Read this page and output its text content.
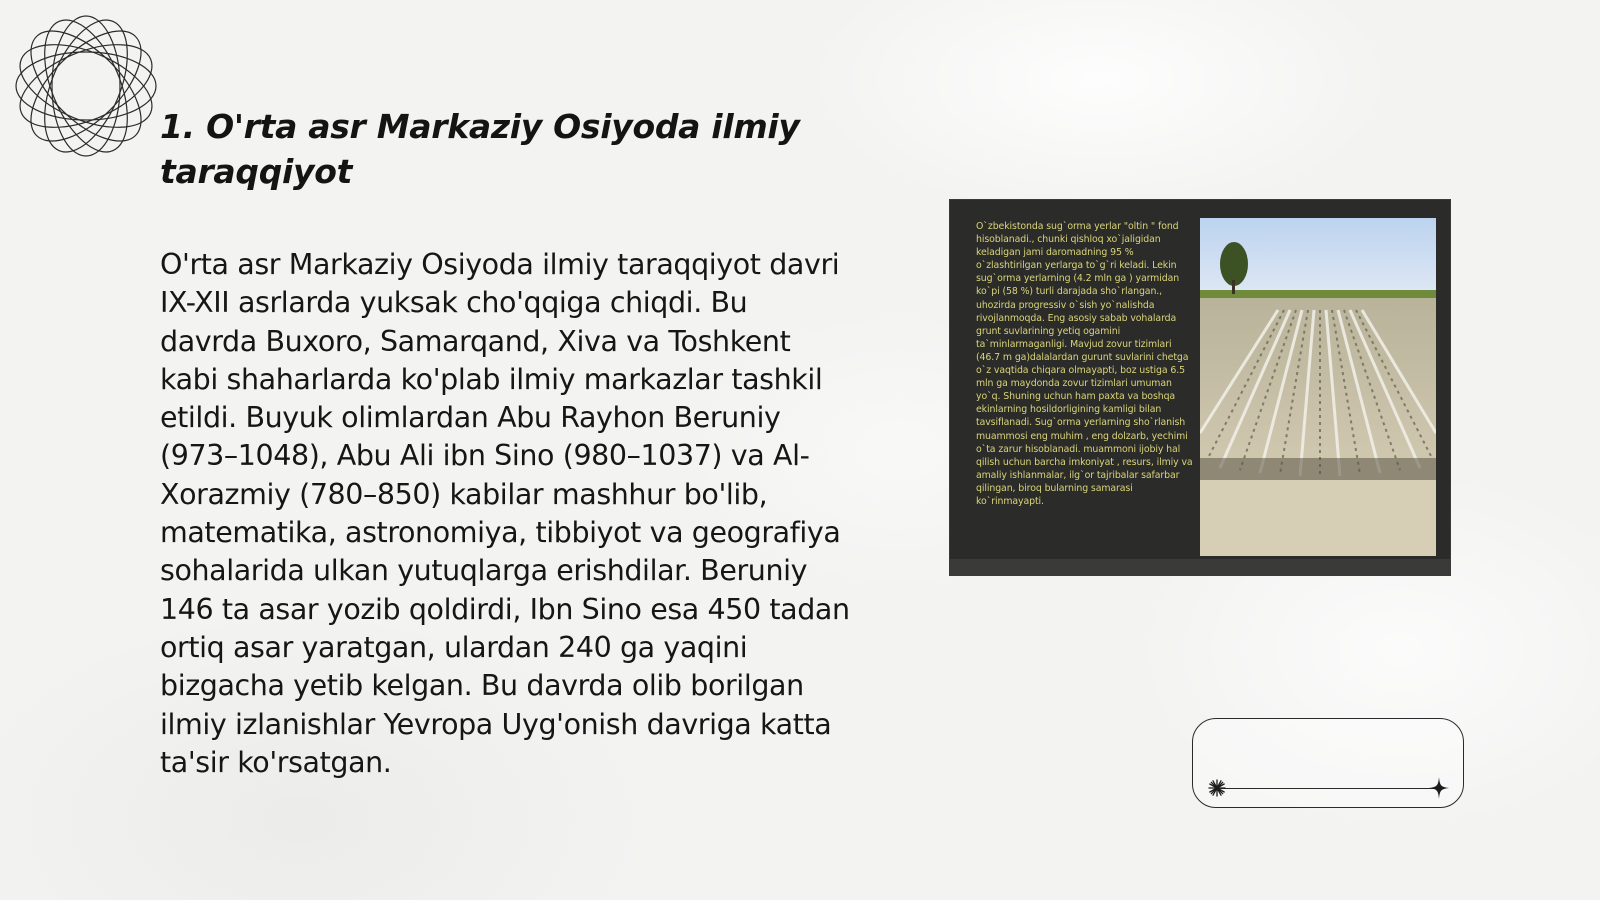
1. O'rta asr Markaziy Osiyoda ilmiy taraqqiyot

O'rta asr Markaziy Osiyoda ilmiy taraqqiyot davri IX-XII asrlarda yuksak cho'qqiga chiqdi. Bu davrda Buxoro, Samarqand, Xiva va Toshkent kabi shaharlarda ko'plab ilmiy markazlar tashkil etildi. Buyuk olimlardan Abu Rayhon Beruniy (973–1048), Abu Ali ibn Sino (980–1037) va Al-Xorazmiy (780–850) kabilar mashhur bo'lib, matematika, astronomiya, tibbiyot va geografiya sohalarida ulkan yutuqlarga erishdilar. Beruniy 146 ta asar yozib qoldirdi, Ibn Sino esa 450 tadan ortiq asar yaratgan, ulardan 240 ga yaqini bizgacha yetib kelgan. Bu davrda olib borilgan ilmiy izlanishlar Yevropa Uyg'onish davriga katta ta'sir ko'rsatgan.

O`zbekistonda sug`orma yerlar "oltin " fond hisoblanadi., chunki qishloq xo`jaligidan keladigan jami daromadning 95 % o`zlashtirilgan yerlarga to`g`ri keladi. Lekin sug`orma yerlarning (4.2 mln ga ) yarmidan ko`pi (58 %) turli darajada sho`rlangan., uhozirda progressiv o`sish yo`nalishda rivojlanmoqda. Eng asosiy sabab vohalarda grunt suvlarining yetiq ogamini ta`minlarmaganligi. Mavjud zovur tizimlari (46.7 m ga)dalalardan gurunt suvlarini chetga o`z vaqtida chiqara olmayapti, boz ustiga 6.5 mln ga maydonda zovur tizimlari umuman yo`q. Shuning uchun ham paxta va boshqa ekinlarning hosildorligining kamligi bilan tavsiflanadi. Sug`orma yerlarning sho`rlanish muammosi eng muhim , eng dolzarb, yechimi o`ta zarur hisoblanadi. muammoni ijobiy hal qilish uchun barcha imkoniyat , resurs, ilmiy va amaliy ishlanmalar, ilg`or tajribalar safarbar qilingan, biroq bularning samarasi ko`rinmayapti.
